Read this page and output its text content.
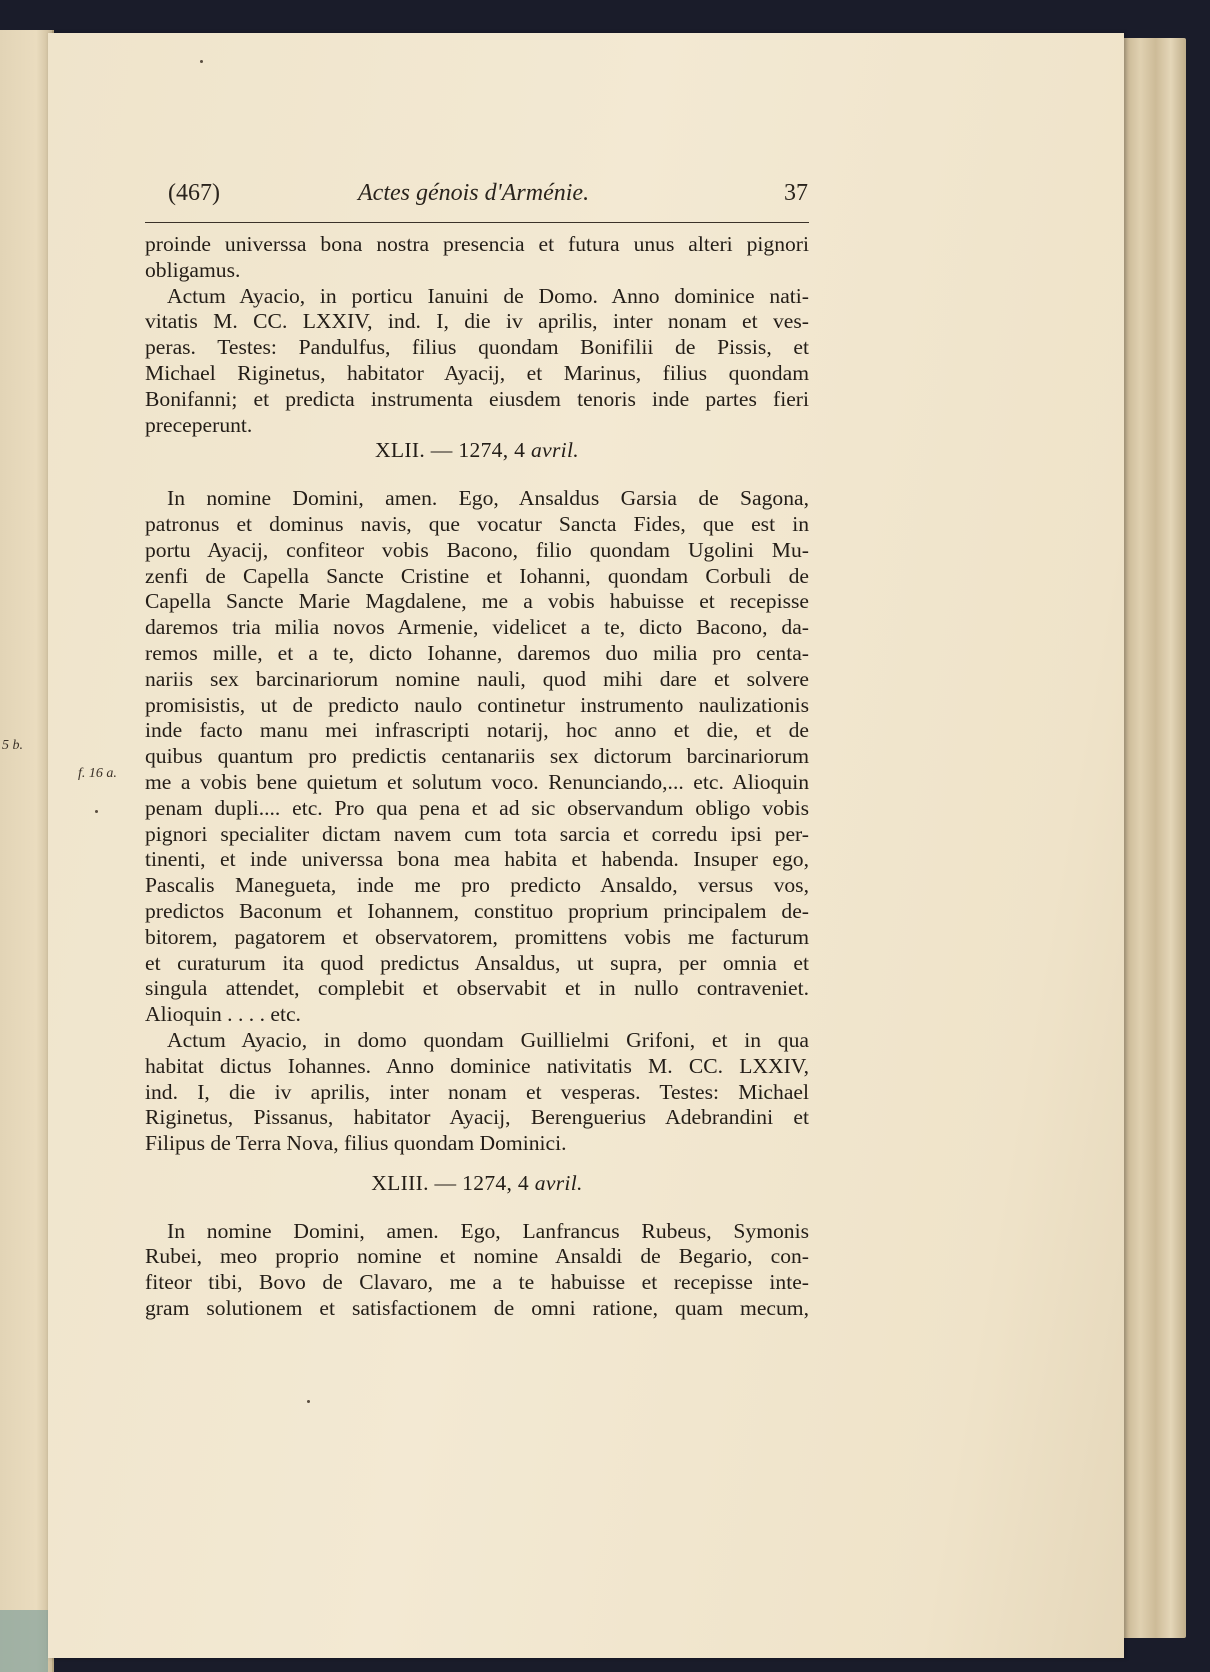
5 b.
(467)	Actes génois d'Arménie.	37
f. 16 a.
proinde universsa bona nostra presencia et futura unus alteri pignori
obligamus.
Actum Ayacio, in porticu Ianuini de Domo. Anno dominice nati-
vitatis M. CC. LXXIV, ind. I, die iv aprilis, inter nonam et ves-
peras. Testes: Pandulfus, filius quondam Bonifilii de Pissis, et
Michael Riginetus, habitator Ayacij, et Marinus, filius quondam
Bonifanni; et predicta instrumenta eiusdem tenoris inde partes fieri
preceperunt.
XLII. — 1274, 4 avril.
In nomine Domini, amen. Ego, Ansaldus Garsia de Sagona,
patronus et dominus navis, que vocatur Sancta Fides, que est in
portu Ayacij, confiteor vobis Bacono, filio quondam Ugolini Mu-
zenfi de Capella Sancte Cristine et Iohanni, quondam Corbuli de
Capella Sancte Marie Magdalene, me a vobis habuisse et recepisse
daremos tria milia novos Armenie, videlicet a te, dicto Bacono, da-
remos mille, et a te, dicto Iohanne, daremos duo milia pro centa-
nariis sex barcinariorum nomine nauli, quod mihi dare et solvere
promisistis, ut de predicto naulo continetur instrumento naulizationis
inde facto manu mei infrascripti notarij, hoc anno et die, et de
quibus quantum pro predictis centanariis sex dictorum barcinariorum
me a vobis bene quietum et solutum voco. Renunciando,... etc. Alioquin
penam dupli.... etc. Pro qua pena et ad sic observandum obligo vobis
pignori specialiter dictam navem cum tota sarcia et corredu ipsi per-
tinenti, et inde universsa bona mea habita et habenda. Insuper ego,
Pascalis Manegueta, inde me pro predicto Ansaldo, versus vos,
predictos Baconum et Iohannem, constituo proprium principalem de-
bitorem, pagatorem et observatorem, promittens vobis me facturum
et curaturum ita quod predictus Ansaldus, ut supra, per omnia et
singula attendet, complebit et observabit et in nullo contraveniet.
Alioquin . . . . etc.
Actum Ayacio, in domo quondam Guillielmi Grifoni, et in qua
habitat dictus Iohannes. Anno dominice nativitatis M. CC. LXXIV,
ind. I, die iv aprilis, inter nonam et vesperas. Testes: Michael
Riginetus, Pissanus, habitator Ayacij, Berenguerius Adebrandini et
Filipus de Terra Nova, filius quondam Dominici.
XLIII. — 1274, 4 avril.
In nomine Domini, amen. Ego, Lanfrancus Rubeus, Symonis
Rubei, meo proprio nomine et nomine Ansaldi de Begario, con-
fiteor tibi, Bovo de Clavaro, me a te habuisse et recepisse inte-
gram solutionem et satisfactionem de omni ratione, quam mecum,
